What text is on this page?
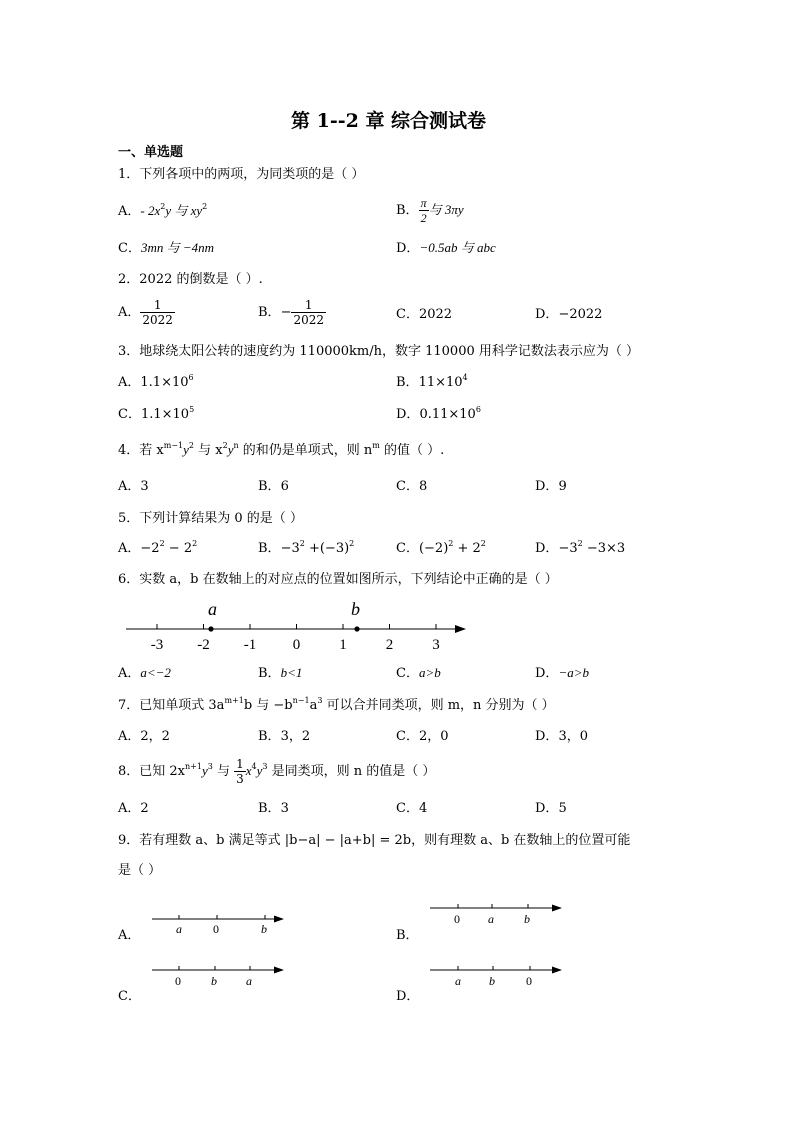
第 1--2 章 综合测试卷
一、单选题
1．下列各项中的两项，为同类项的是（ ）
A．- $2x^2y$ 与 $xy^2$	B． $\frac{\pi}{2}$ 与 3πy
C．3mn 与 −4nm	D．−0.5ab 与 abc
2．2022 的倒数是（ ）.
A． $\frac{1}{2022}$	B．− $\frac{1}{2022}$	C．2022	D．−2022
3．地球绕太阳公转的速度约为 110000km/h，数字 110000 用科学记数法表示应为（ ）
A．$1.1\times 10^6$	B．$11\times 10^4$
C．$1.1\times 10^5$	D．$0.11\times 10^6$
4．若 $x^{m-1}y^2$ 与 $x^2y^n$ 的和仍是单项式，则 $n^m$ 的值（ ）.
A．3	B．6	C．8	D．9
5．下列计算结果为 0 的是（ ）
A．$-2^2 - 2^2$	B．$-3^2 +(-3)^2$	C．$(-2)^2 + 2^2$	D．$-3^2 -3\times 3$
6．实数 a，b 在数轴上的对应点的位置如图所示，下列结论中正确的是（ ）
-3 -2 -1 0	1	2	3
a	b
A．a<−2	B．b<1	C．a>b	D．−a>b
7．已知单项式 $3a^{m+1}b$ 与 $-b^{n-1}a^3$ 可以合并同类项，则 m，n 分别为（ ）
A．2，2	B．3，2	C．2，0	D．3，0
8．已知 $2x^{n+1}y^3$ 与 $\frac{1}{3} x^4y^3$ 是同类项，则 n 的值是（ ）
A．2	B．3	C．4	D．5
9．若有理数 a、b 满足等式 |b−a| − |a+b| = 2b，则有理数 a、b 在数轴上的位置可能
是（ ）
A．	a	0	b	B．
0 a	b
C．
0	b a
D．
a b	0
